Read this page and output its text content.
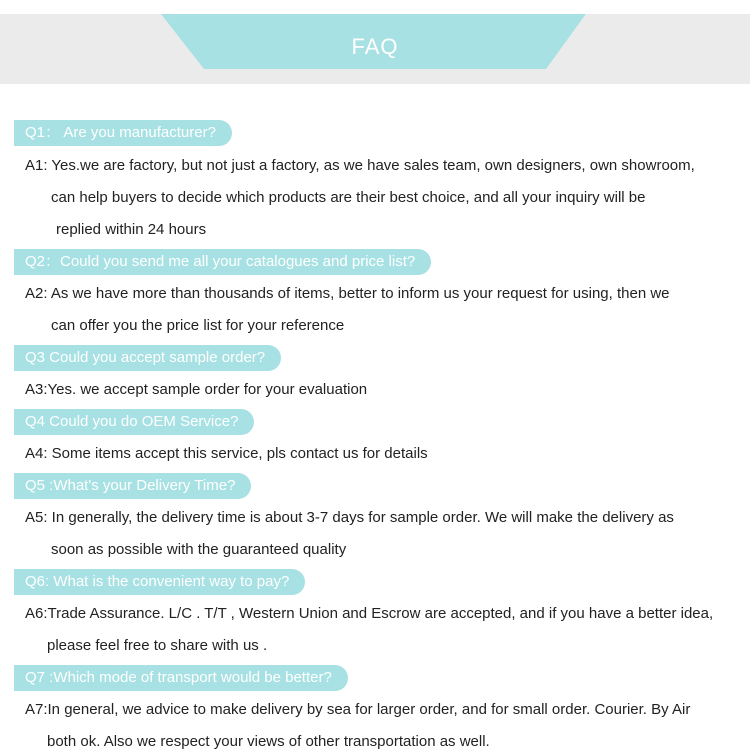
FAQ
Q1： Are you manufacturer?
A1: Yes.we are factory, but not just a factory, as we have sales team, own designers, own showroom,
can help buyers to decide which products are their best choice, and all your inquiry will be
replied within 24 hours
Q2：Could you send me all your catalogues and price list?
A2: As we have more than thousands of items, better to inform us your request for using, then we
can offer you the price list for your reference
Q3 Could you accept sample order?
A3:Yes. we accept sample order for your evaluation
Q4 Could you do OEM Service?
A4: Some items accept this service, pls contact us for details
Q5 :What's your Delivery Time?
A5: In generally, the delivery time is about 3-7 days for sample order. We will make the delivery as
soon as possible with the guaranteed quality
Q6: What is the convenient way to pay?
A6:Trade Assurance. L/C . T/T , Western Union and Escrow are accepted, and if you have a better idea,
please feel free to share with us .
Q7 :Which mode of transport would be better?
A7:In general, we advice to make delivery by sea for larger order, and for small order. Courier. By Air
both ok. Also we respect your views of other transportation as well.
